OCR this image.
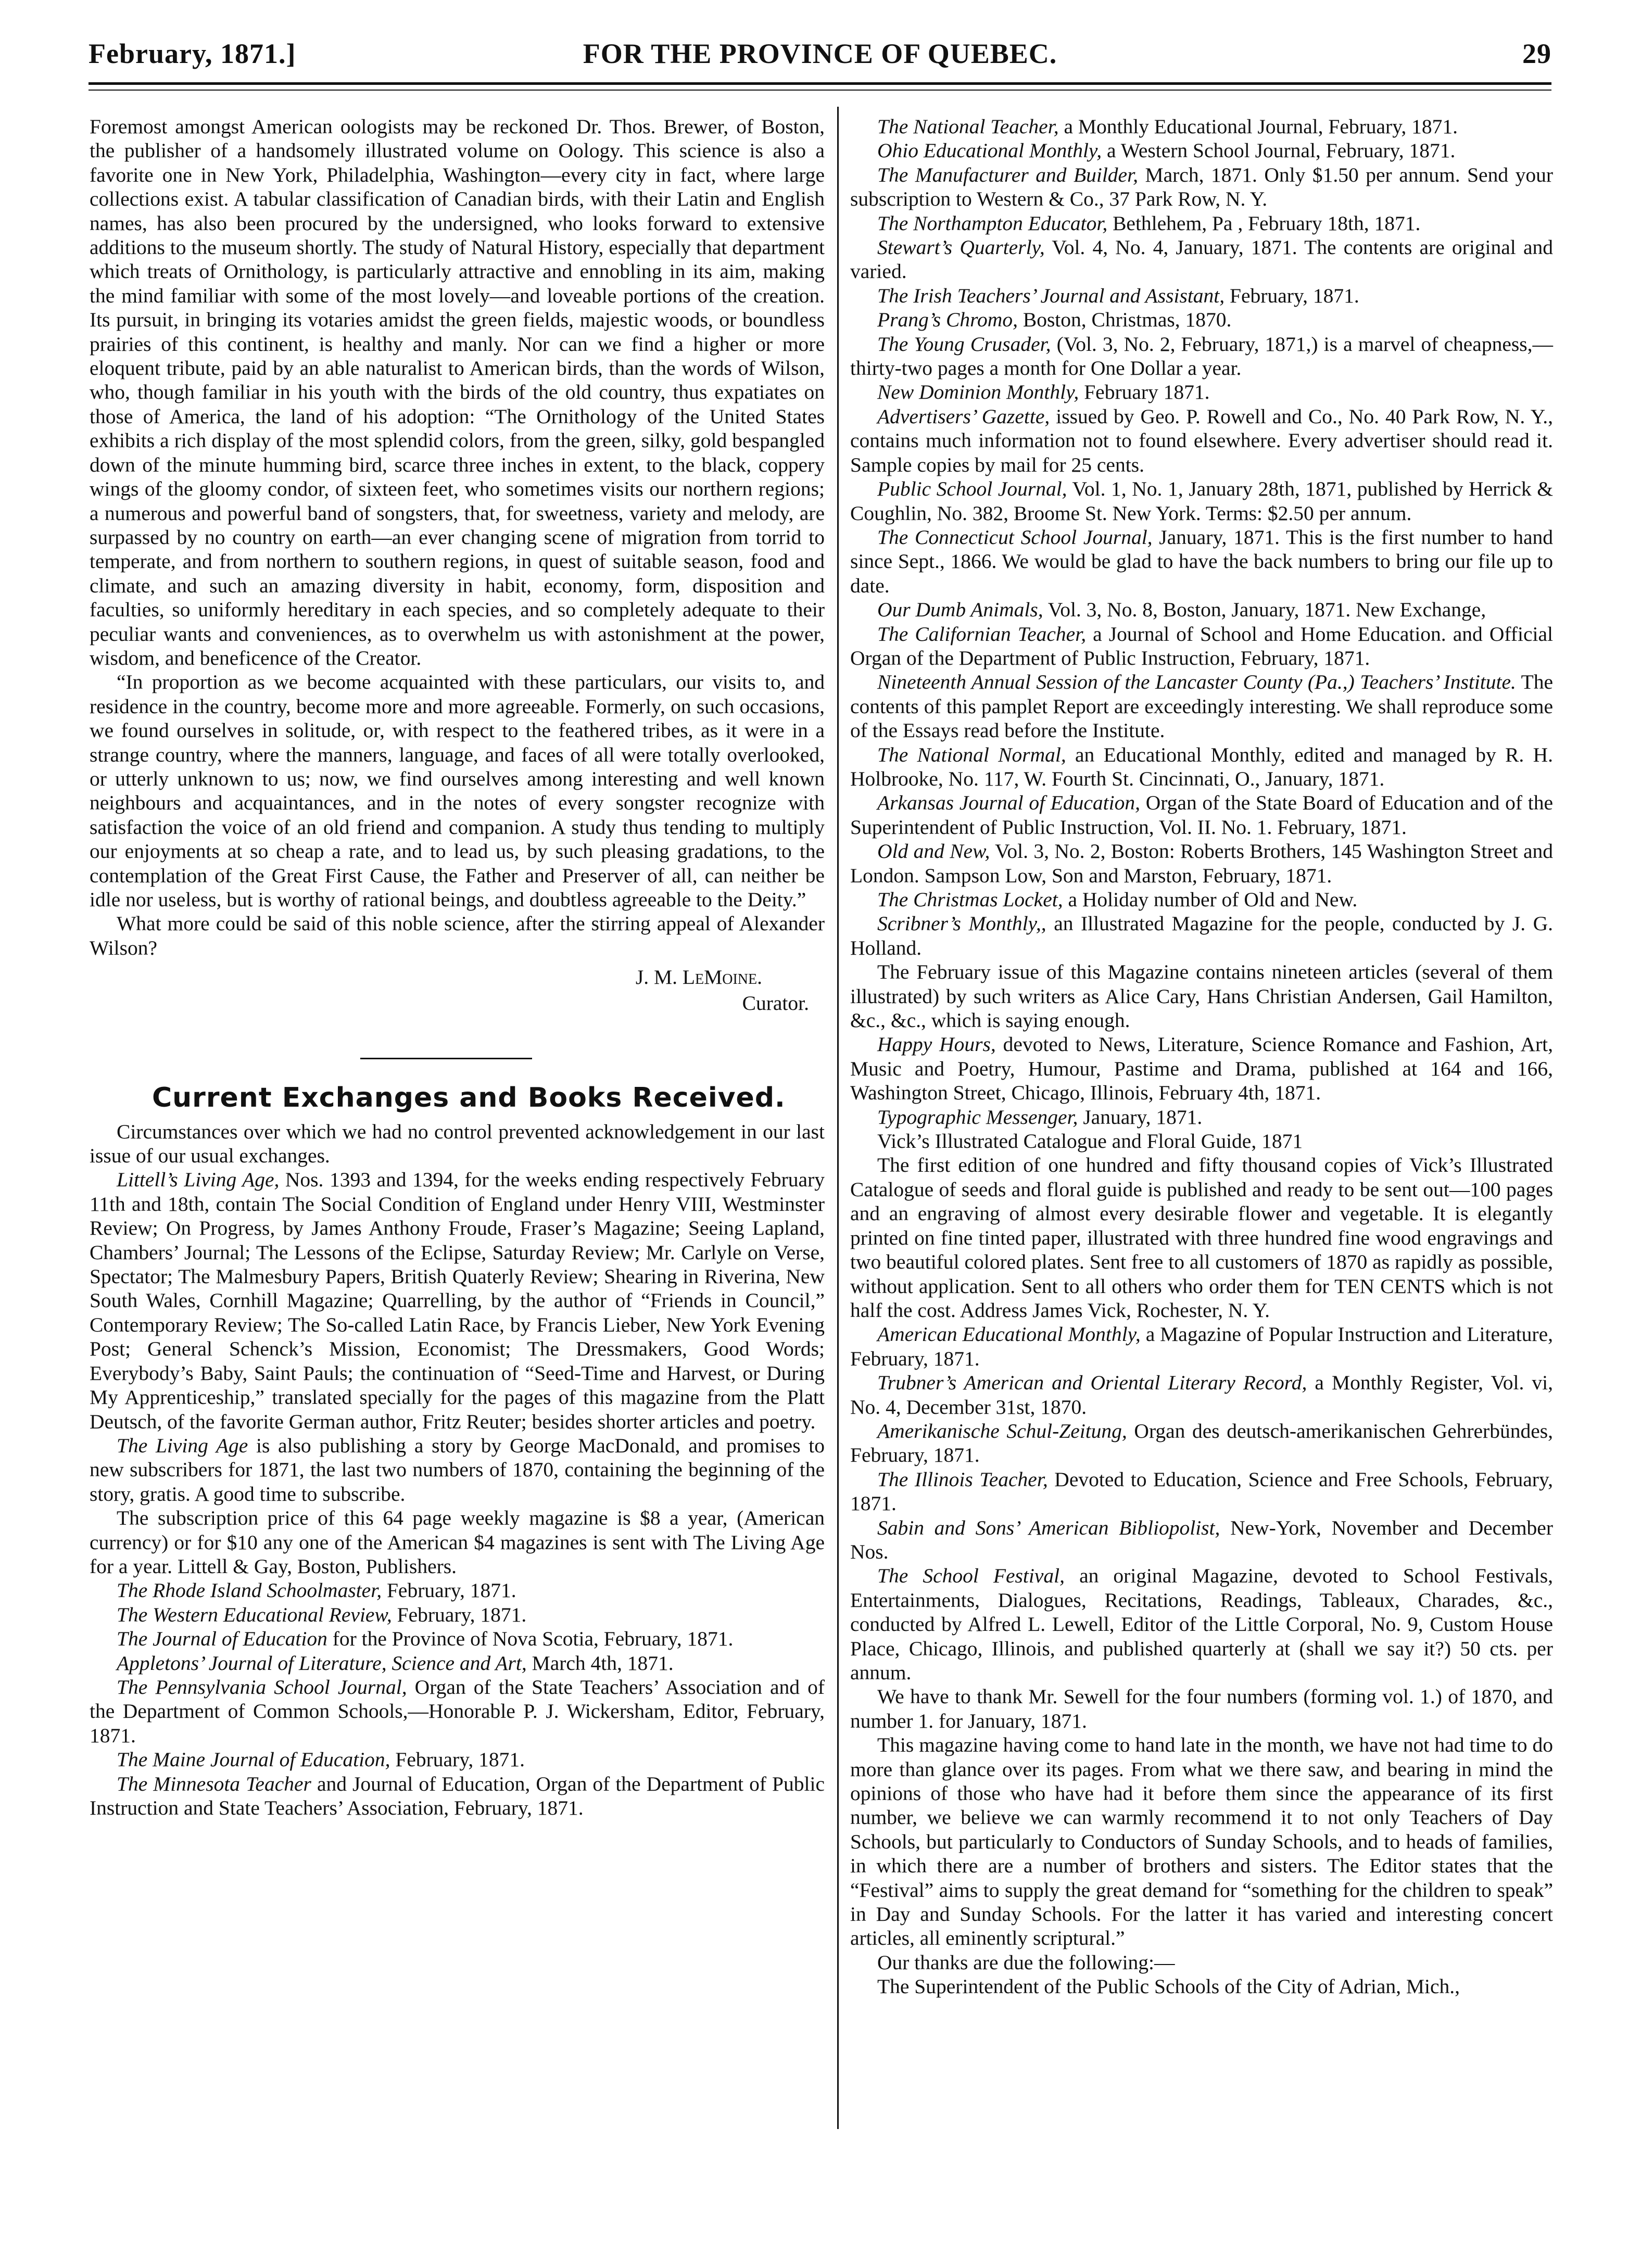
February, 1871.]	FOR THE PROVINCE OF QUEBEC.	29

Foremost amongst American oologists may be reckoned Dr. Thos. Brewer, of Boston, the publisher of a handsomely illustrated volume on Oology. This science is also a favorite one in New York, Philadelphia, Washington—every city in fact, where large collections exist. A tabular classification of Canadian birds, with their Latin and English names, has also been procured by the undersigned, who looks forward to extensive additions to the museum shortly. The study of Natural History, especially that department which treats of Ornithology, is particularly attractive and ennobling in its aim, making the mind familiar with some of the most lovely—and loveable portions of the creation. Its pursuit, in bringing its votaries amidst the green fields, majestic woods, or boundless prairies of this continent, is healthy and manly. Nor can we find a higher or more eloquent tribute, paid by an able naturalist to American birds, than the words of Wilson, who, though familiar in his youth with the birds of the old country, thus expatiates on those of America, the land of his adoption: “The Ornithology of the United States exhibits a rich display of the most splendid colors, from the green, silky, gold bespangled down of the minute humming bird, scarce three inches in extent, to the black, coppery wings of the gloomy condor, of sixteen feet, who sometimes visits our northern regions; a numerous and powerful band of songsters, that, for sweetness, variety and melody, are surpassed by no country on earth—an ever changing scene of migration from torrid to temperate, and from northern to southern regions, in quest of suitable season, food and climate, and such an amazing diversity in habit, economy, form, disposition and faculties, so uniformly hereditary in each species, and so completely adequate to their peculiar wants and conveniences, as to overwhelm us with astonishment at the power, wisdom, and beneficence of the Creator.

“In proportion as we become acquainted with these particulars, our visits to, and residence in the country, become more and more agreeable. Formerly, on such occasions, we found ourselves in solitude, or, with respect to the feathered tribes, as it were in a strange country, where the manners, language, and faces of all were totally overlooked, or utterly unknown to us; now, we find ourselves among interesting and well known neighbours and acquaintances, and in the notes of every songster recognize with satisfaction the voice of an old friend and companion. A study thus tending to multiply our enjoyments at so cheap a rate, and to lead us, by such pleasing gradations, to the contemplation of the Great First Cause, the Father and Preserver of all, can neither be idle nor useless, but is worthy of rational beings, and doubtless agreeable to the Deity.”

What more could be said of this noble science, after the stirring appeal of Alexander Wilson?

J. M. LeMoine.
Curator.
Current Exchanges and Books Received.

Circumstances over which we had no control prevented acknowledgement in our last issue of our usual exchanges.

Littell’s Living Age, Nos. 1393 and 1394, for the weeks ending respectively February 11th and 18th, contain The Social Condition of England under Henry VIII, Westminster Review; On Progress, by James Anthony Froude, Fraser’s Magazine; Seeing Lapland, Chambers’ Journal; The Lessons of the Eclipse, Saturday Review; Mr. Carlyle on Verse, Spectator; The Malmesbury Papers, British Quaterly Review; Shearing in Riverina, New South Wales, Cornhill Magazine; Quarrelling, by the author of “Friends in Council,” Contemporary Review; The So-called Latin Race, by Francis Lieber, New York Evening Post; General Schenck’s Mission, Economist; The Dressmakers, Good Words; Everybody’s Baby, Saint Pauls; the continuation of “Seed-Time and Harvest, or During My Apprenticeship,” translated specially for the pages of this magazine from the Platt Deutsch, of the favorite German author, Fritz Reuter; besides shorter articles and poetry.

The Living Age is also publishing a story by George MacDonald, and promises to new subscribers for 1871, the last two numbers of 1870, containing the beginning of the story, gratis. A good time to subscribe.

The subscription price of this 64 page weekly magazine is $8 a year, (American currency) or for $10 any one of the American $4 magazines is sent with The Living Age for a year. Littell & Gay, Boston, Publishers.

The Rhode Island Schoolmaster, February, 1871.

The Western Educational Review, February, 1871.

The Journal of Education for the Province of Nova Scotia, February, 1871.

Appletons’ Journal of Literature, Science and Art, March 4th, 1871.

The Pennsylvania School Journal, Organ of the State Teachers’ Association and of the Department of Common Schools,—Honorable P. J. Wickersham, Editor, February, 1871.

The Maine Journal of Education, February, 1871.

The Minnesota Teacher and Journal of Education, Organ of the Department of Public Instruction and State Teachers’ Association, February, 1871.

The National Teacher, a Monthly Educational Journal, February, 1871.

Ohio Educational Monthly, a Western School Journal, February, 1871.

The Manufacturer and Builder, March, 1871. Only $1.50 per annum. Send your subscription to Western & Co., 37 Park Row, N. Y.

The Northampton Educator, Bethlehem, Pa , February 18th, 1871.

Stewart’s Quarterly, Vol. 4, No. 4, January, 1871. The contents are original and varied.

The Irish Teachers’ Journal and Assistant, February, 1871.

Prang’s Chromo, Boston, Christmas, 1870.

The Young Crusader, (Vol. 3, No. 2, February, 1871,) is a marvel of cheapness,—thirty-two pages a month for One Dollar a year.

New Dominion Monthly, February 1871.

Advertisers’ Gazette, issued by Geo. P. Rowell and Co., No. 40 Park Row, N. Y., contains much information not to found elsewhere. Every advertiser should read it. Sample copies by mail for 25 cents.

Public School Journal, Vol. 1, No. 1, January 28th, 1871, published by Herrick & Coughlin, No. 382, Broome St. New York. Terms: $2.50 per annum.

The Connecticut School Journal, January, 1871. This is the first number to hand since Sept., 1866. We would be glad to have the back numbers to bring our file up to date.

Our Dumb Animals, Vol. 3, No. 8, Boston, January, 1871. New Exchange,

The Californian Teacher, a Journal of School and Home Education. and Official Organ of the Department of Public Instruction, February, 1871.

Nineteenth Annual Session of the Lancaster County (Pa.,) Teachers’ Institute. The contents of this pamplet Report are exceedingly interesting. We shall reproduce some of the Essays read before the Institute.

The National Normal, an Educational Monthly, edited and managed by R. H. Holbrooke, No. 117, W. Fourth St. Cincinnati, O., January, 1871.

Arkansas Journal of Education, Organ of the State Board of Education and of the Superintendent of Public Instruction, Vol. II. No. 1. February, 1871.

Old and New, Vol. 3, No. 2, Boston: Roberts Brothers, 145 Washington Street and London. Sampson Low, Son and Marston, February, 1871.

The Christmas Locket, a Holiday number of Old and New.

Scribner’s Monthly,, an Illustrated Magazine for the people, conducted by J. G. Holland.

The February issue of this Magazine contains nineteen articles (several of them illustrated) by such writers as Alice Cary, Hans Christian Andersen, Gail Hamilton, &c., &c., which is saying enough.

Happy Hours, devoted to News, Literature, Science Romance and Fashion, Art, Music and Poetry, Humour, Pastime and Drama, published at 164 and 166, Washington Street, Chicago, Illinois, February 4th, 1871.

Typographic Messenger, January, 1871.

Vick’s Illustrated Catalogue and Floral Guide, 1871

The first edition of one hundred and fifty thousand copies of Vick’s Illustrated Catalogue of seeds and floral guide is published and ready to be sent out—100 pages and an engraving of almost every desirable flower and vegetable. It is elegantly printed on fine tinted paper, illustrated with three hundred fine wood engravings and two beautiful colored plates. Sent free to all customers of 1870 as rapidly as possible, without application. Sent to all others who order them for TEN CENTS which is not half the cost. Address James Vick, Rochester, N. Y.

American Educational Monthly, a Magazine of Popular Instruction and Literature, February, 1871.

Trubner’s American and Oriental Literary Record, a Monthly Register, Vol. vi, No. 4, December 31st, 1870.

Amerikanische Schul-Zeitung, Organ des deutsch-amerikanischen Gehrerbündes, February, 1871.

The Illinois Teacher, Devoted to Education, Science and Free Schools, February, 1871.

Sabin and Sons’ American Bibliopolist, New-York, November and December Nos.

The School Festival, an original Magazine, devoted to School Festivals, Entertainments, Dialogues, Recitations, Readings, Tableaux, Charades, &c., conducted by Alfred L. Lewell, Editor of the Little Corporal, No. 9, Custom House Place, Chicago, Illinois, and published quarterly at (shall we say it?) 50 cts. per annum.

We have to thank Mr. Sewell for the four numbers (forming vol. 1.) of 1870, and number 1. for January, 1871.

This magazine having come to hand late in the month, we have not had time to do more than glance over its pages. From what we there saw, and bearing in mind the opinions of those who have had it before them since the appearance of its first number, we believe we can warmly recommend it to not only Teachers of Day Schools, but particularly to Conductors of Sunday Schools, and to heads of families, in which there are a number of brothers and sisters. The Editor states that the “Festival” aims to supply the great demand for “something for the children to speak” in Day and Sunday Schools. For the latter it has varied and interesting concert articles, all eminently scriptural.”

Our thanks are due the following:—

The Superintendent of the Public Schools of the City of Adrian, Mich.,
